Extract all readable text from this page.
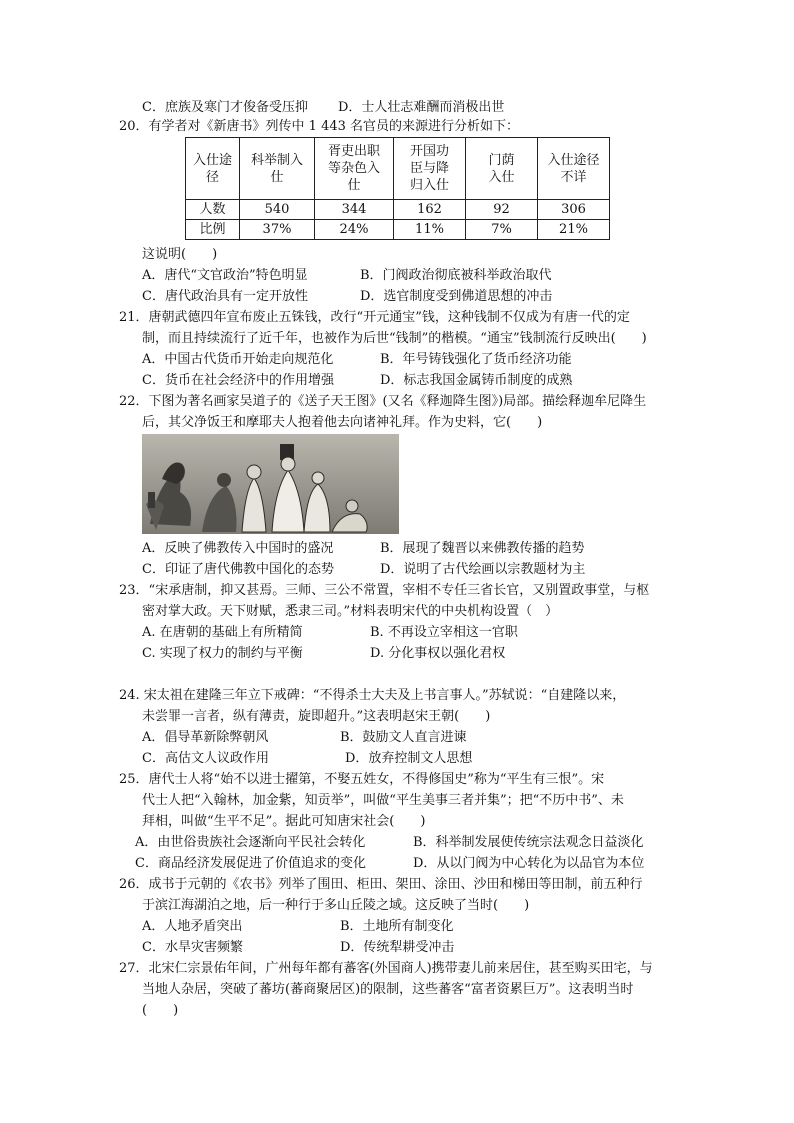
C．庶族及寒门才俊备受压抑 D．士人壮志难酬而消极出世
20．有学者对《新唐书》列传中 1 443 名官员的来源进行分析如下：
入仕途径	科举制入仕	胥吏出职等杂色入仕	开国功臣与降归入仕	门荫入仕	入仕途径不详

人数	540	344	162	92	306
比例	37%	24%	11%	7%	21%
这说明(　　)
A．唐代“文官政治”特色明显	B．门阀政治彻底被科举政治取代
C．唐代政治具有一定开放性	D．选官制度受到佛道思想的冲击
21．唐朝武德四年宣布废止五铢钱，改行“开元通宝”钱，这种钱制不仅成为有唐一代的定
制，而且持续流行了近千年，也被作为后世“钱制”的楷模。“通宝”钱制流行反映出(　　)
A．中国古代货币开始走向规范化	B．年号铸钱强化了货币经济功能
C．货币在社会经济中的作用增强	D．标志我国金属铸币制度的成熟
22．下图为著名画家吴道子的《送子天王图》(又名《释迦降生图》)局部。描绘释迦牟尼降生
后，其父净饭王和摩耶夫人抱着他去向诸神礼拜。作为史料，它(　　)
A．反映了佛教传入中国时的盛况	B．展现了魏晋以来佛教传播的趋势
C．印证了唐代佛教中国化的态势	D．说明了古代绘画以宗教题材为主
23．“宋承唐制，抑又甚焉。三师、三公不常置，宰相不专任三省长官，又别置政事堂，与枢
密对掌大政。天下财赋，悉隶三司。”材料表明宋代的中央机构设置（　）
A. 在唐朝的基础上有所精简	B. 不再设立宰相这一官职
C. 实现了权力的制约与平衡	D. 分化事权以强化君权
24. 宋太祖在建隆三年立下戒碑：“不得杀士大夫及上书言事人。”苏轼说：“自建隆以来，
未尝罪一言者，纵有薄责，旋即超升。”这表明赵宋王朝(　　)
A．倡导革新除弊朝风	B．鼓励文人直言进谏
C．高估文人议政作用	D．放弃控制文人思想
25．唐代士人将“始不以进士擢第，不娶五姓女，不得修国史”称为“平生有三恨”。宋
代士人把“入翰林，加金紫，知贡举”，叫做“平生美事三者并集”；把“不历中书”、未
拜相，叫做“生平不足”。据此可知唐宋社会(　　)
A．由世俗贵族社会逐渐向平民社会转化	B．科举制发展使传统宗法观念日益淡化
C．商品经济发展促进了价值追求的变化	D．从以门阀为中心转化为以品官为本位
26．成书于元朝的《农书》列举了围田、柜田、架田、涂田、沙田和梯田等田制，前五种行
于滨江海湖泊之地，后一种行于多山丘陵之域。这反映了当时(　　)
A．人地矛盾突出	B．土地所有制变化
C．水旱灾害频繁	D．传统犁耕受冲击
27．北宋仁宗景佑年间，广州每年都有蕃客(外国商人)携带妻儿前来居住，甚至购买田宅，与
当地人杂居，突破了蕃坊(蕃商聚居区)的限制，这些蕃客“富者资累巨万”。这表明当时
(　　)
